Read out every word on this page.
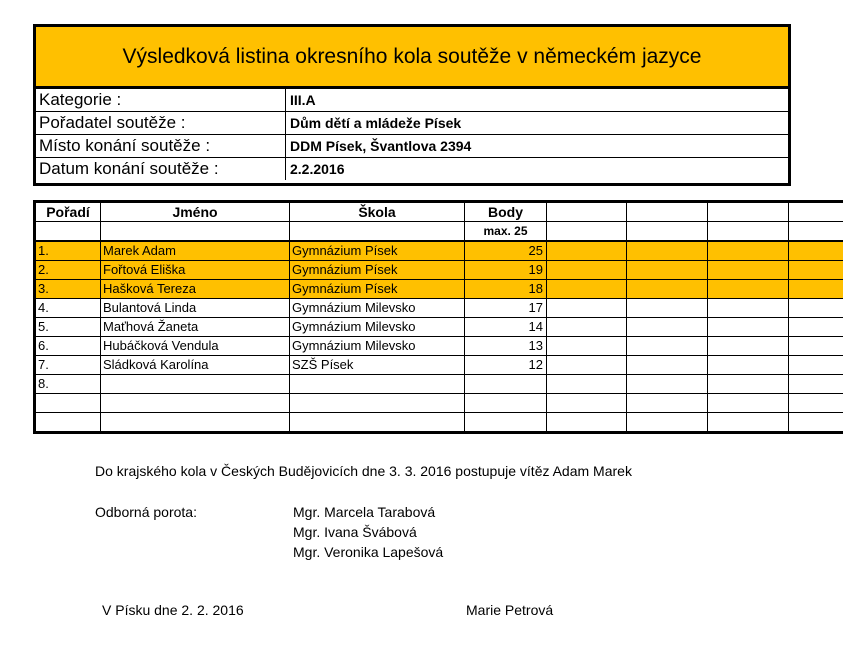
Výsledková listina okresního kola soutěže v německém jazyce
Kategorie :	III.A
Pořadatel soutěže :	Dům dětí a mládeže Písek
Místo konání soutěže :	DDM Písek, Švantlova 2394
Datum konání soutěže :	2.2.2016
Pořadí	Jméno	Škola	Body				
			max. 25				
1.	Marek Adam	Gymnázium Písek	25				
2.	Fořtová Eliška	Gymnázium Písek	19				
3.	Hašková Tereza	Gymnázium Písek	18				
4.	Bulantová Linda	Gymnázium Milevsko	17				
5.	Maťhová Žaneta	Gymnázium Milevsko	14				
6.	Hubáčková Vendula	Gymnázium Milevsko	13				
7.	Sládková Karolína	SZŠ Písek	12				
8.							

Do krajského kola v Českých Budějovicích dne 3. 3. 2016 postupuje vítěz Adam Marek
Odborná porota:	Mgr. Marcela Tarabová
Mgr. Ivana Švábová
Mgr. Veronika Lapešová
V Písku dne 2. 2. 2016	Marie Petrová
